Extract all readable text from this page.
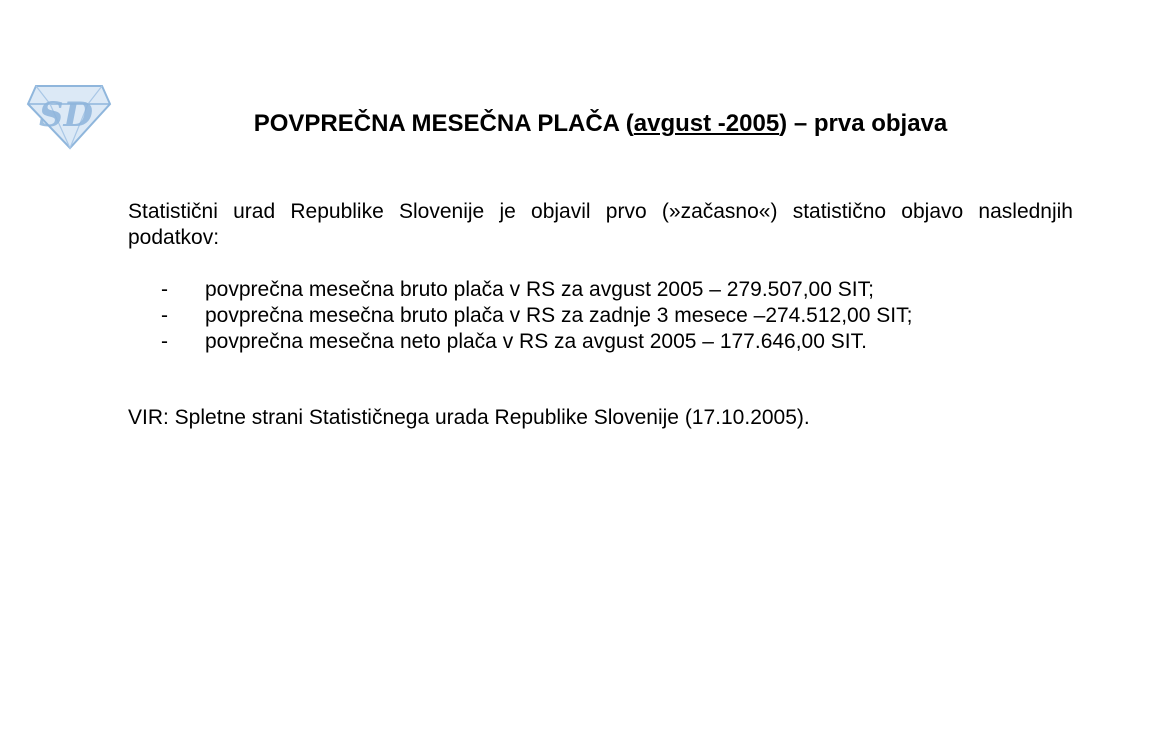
SD	POVPREČNA MESEČNA PLAČA (avgust -2005) – prva objava

Statistični urad Republike Slovenije je objavil prvo (»začasno«) statistično objavo naslednjih podatkov:

- povprečna mesečna bruto plača v RS za avgust 2005 – 279.507,00 SIT;
- povprečna mesečna bruto plača v RS za zadnje 3 mesece –274.512,00 SIT;
- povprečna mesečna neto plača v RS za avgust 2005 – 177.646,00 SIT.

VIR: Spletne strani Statističnega urada Republike Slovenije (17.10.2005).
